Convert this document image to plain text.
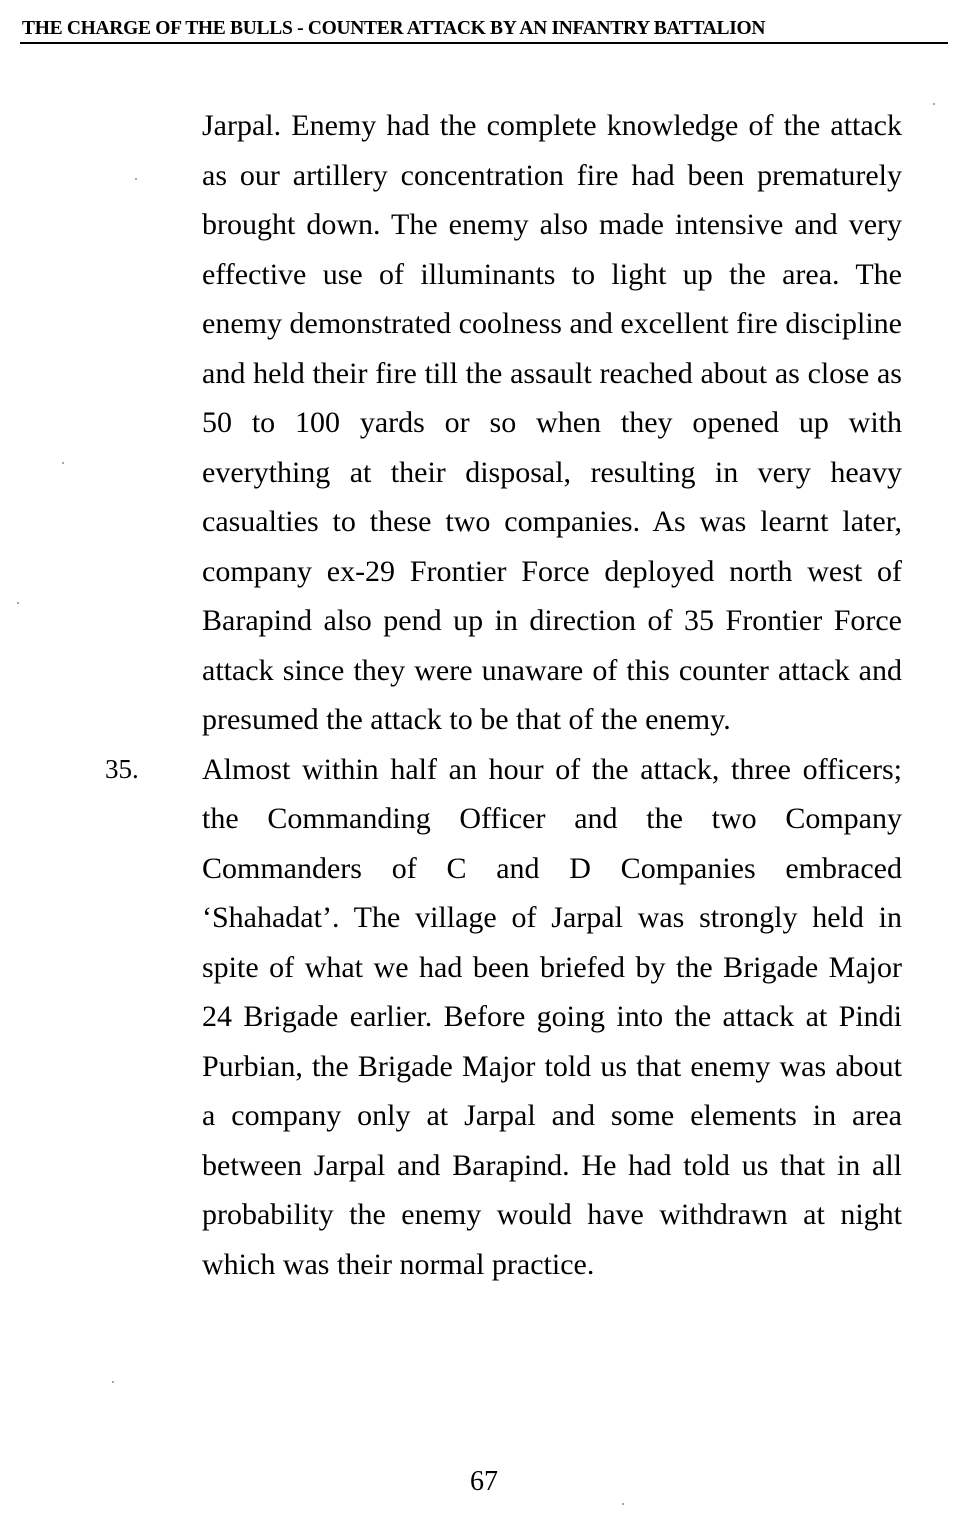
THE CHARGE OF THE BULLS - COUNTER ATTACK BY AN INFANTRY BATTALION
Jarpal. Enemy had the complete knowledge of the attack as our artillery concentration fire had been prematurely brought down. The enemy also made intensive and very effective use of illuminants to light up the area. The enemy demonstrated coolness and excellent fire discipline and held their fire till the assault reached about as close as 50 to 100 yards or so when they opened up with everything at their disposal, resulting in very heavy casualties to these two companies. As was learnt later, company ex-29 Frontier Force deployed north west of Barapind also pend up in direction of 35 Frontier Force attack since they were unaware of this counter attack and presumed the attack to be that of the enemy.
35. Almost within half an hour of the attack, three officers; the Commanding Officer and the two Company Commanders of C and D Companies embraced ‘Shahadat’. The village of Jarpal was strongly held in spite of what we had been briefed by the Brigade Major 24 Brigade earlier. Before going into the attack at Pindi Purbian, the Brigade Major told us that enemy was about a company only at Jarpal and some elements in area between Jarpal and Barapind. He had told us that in all probability the enemy would have withdrawn at night which was their normal practice.
67
